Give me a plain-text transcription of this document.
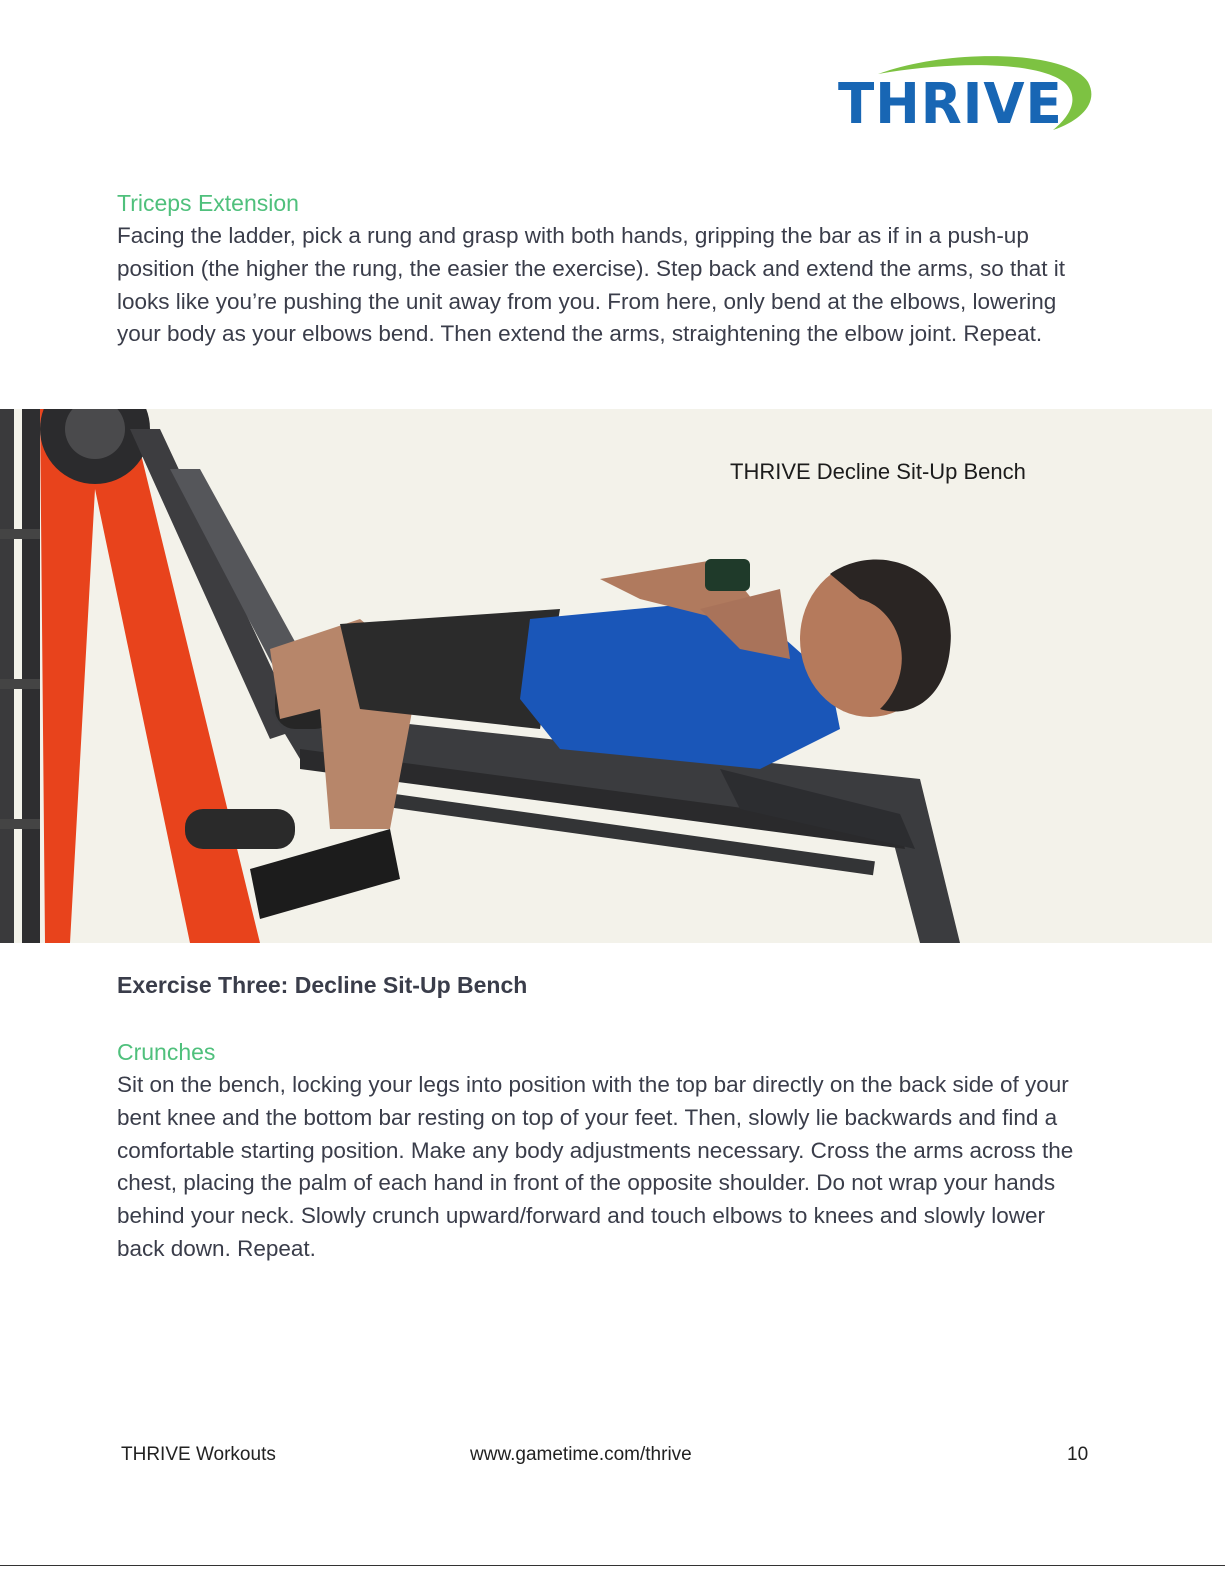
THRIVE

Triceps Extension

Facing the ladder, pick a rung and grasp with both hands, gripping the bar as if in a push-up position (the higher the rung, the easier the exercise). Step back and extend the arms, so that it looks like you’re pushing the unit away from you. From here, only bend at the elbows, lowering your body as your elbows bend. Then extend the arms, straightening the elbow joint. Repeat.

THRIVE Decline Sit-Up Bench

Exercise Three: Decline Sit-Up Bench

Crunches

Sit on the bench, locking your legs into position with the top bar directly on the back side of your bent knee and the bottom bar resting on top of your feet. Then, slowly lie backwards and find a comfortable starting position. Make any body adjustments necessary. Cross the arms across the chest, placing the palm of each hand in front of the opposite shoulder. Do not wrap your hands behind your neck. Slowly crunch upward/forward and touch elbows to knees and slowly lower back down. Repeat.

THRIVE Workouts	www.gametime.com/thrive	10
